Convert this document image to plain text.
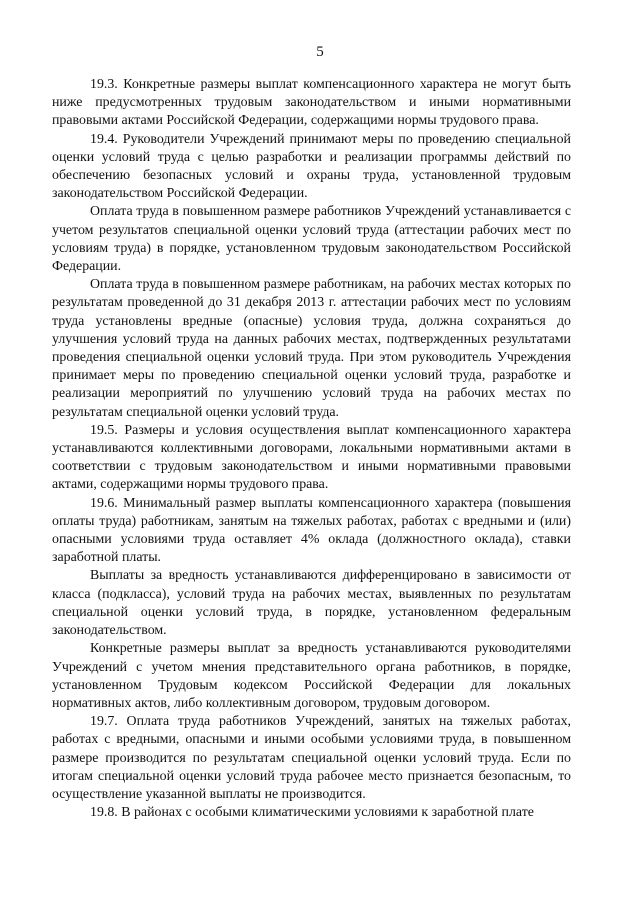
5

19.3. Конкретные размеры выплат компенсационного характера не могут быть ниже предусмотренных трудовым законодательством и иными нормативными правовыми актами Российской Федерации, содержащими нормы трудового права.

19.4. Руководители Учреждений принимают меры по проведению специальной оценки условий труда с целью разработки и реализации программы действий по обеспечению безопасных условий и охраны труда, установленной трудовым законодательством Российской Федерации.

Оплата труда в повышенном размере работников Учреждений устанавливается с учетом результатов специальной оценки условий труда (аттестации рабочих мест по условиям труда) в порядке, установленном трудовым законодательством Российской Федерации.

Оплата труда в повышенном размере работникам, на рабочих местах которых по результатам проведенной до 31 декабря 2013 г. аттестации рабочих мест по условиям труда установлены вредные (опасные) условия труда, должна сохраняться до улучшения условий труда на данных рабочих местах, подтвержденных результатами проведения специальной оценки условий труда. При этом руководитель Учреждения принимает меры по проведению специальной оценки условий труда, разработке и реализации мероприятий по улучшению условий труда на рабочих местах по результатам специальной оценки условий труда.

19.5. Размеры и условия осуществления выплат компенсационного характера устанавливаются коллективными договорами, локальными нормативными актами в соответствии с трудовым законодательством и иными нормативными правовыми актами, содержащими нормы трудового права.

19.6. Минимальный размер выплаты компенсационного характера (повышения оплаты труда) работникам, занятым на тяжелых работах, работах с вредными и (или) опасными условиями труда оставляет 4% оклада (должностного оклада), ставки заработной платы.

Выплаты за вредность устанавливаются дифференцировано в зависимости от класса (подкласса), условий труда на рабочих местах, выявленных по результатам специальной оценки условий труда, в порядке, установленном федеральным законодательством.

Конкретные размеры выплат за вредность устанавливаются руководителями Учреждений с учетом мнения представительного органа работников, в порядке, установленном Трудовым кодексом Российской Федерации для локальных нормативных актов, либо коллективным договором, трудовым договором.

19.7. Оплата труда работников Учреждений, занятых на тяжелых работах, работах с вредными, опасными и иными особыми условиями труда, в повышенном размере производится по результатам специальной оценки условий труда. Если по итогам специальной оценки условий труда рабочее место признается безопасным, то осуществление указанной выплаты не производится.

19.8. В районах с особыми климатическими условиями к заработной плате
